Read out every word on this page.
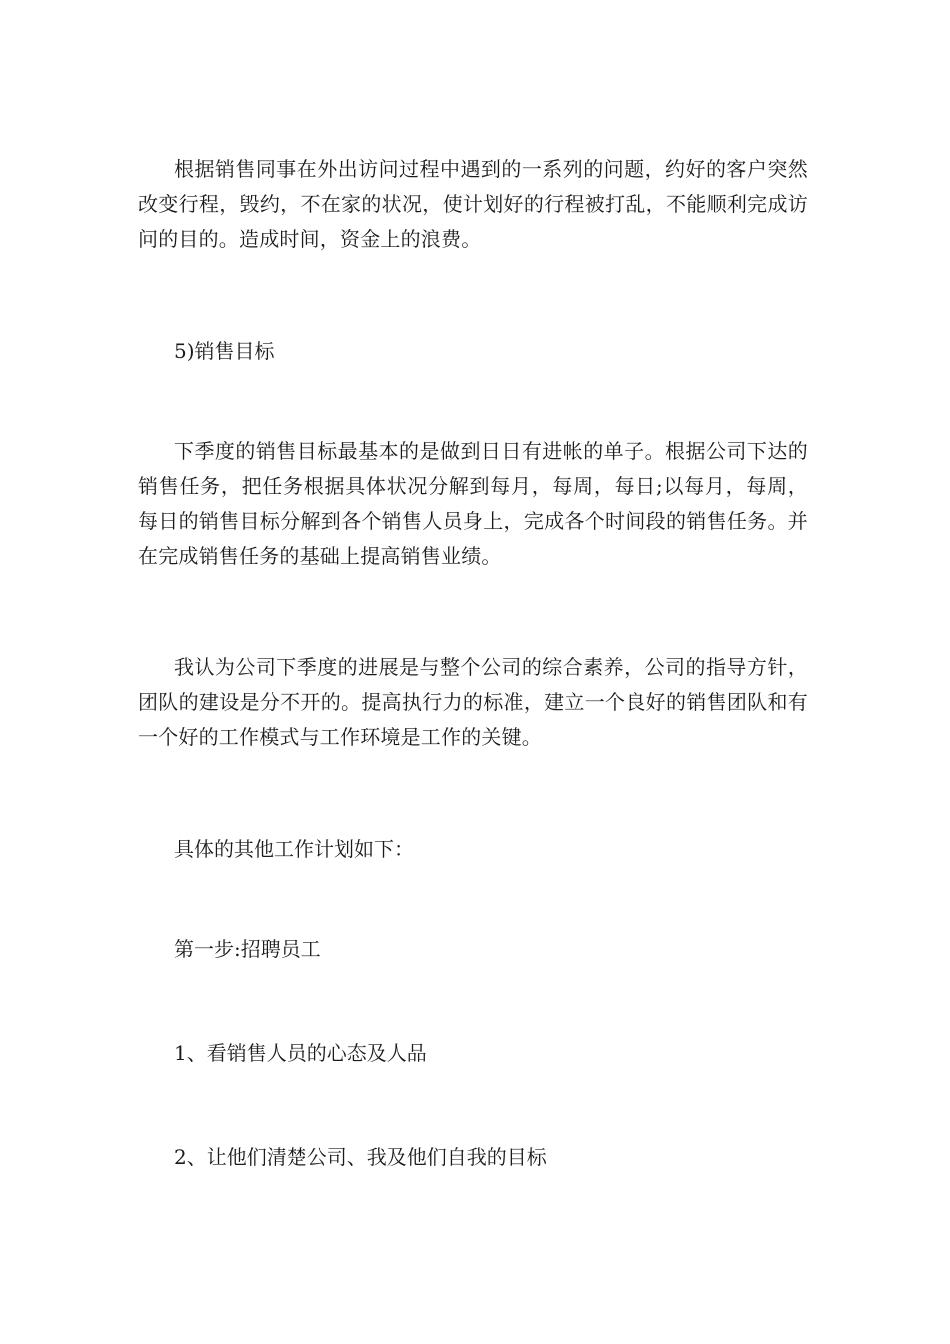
根据销售同事在外出访问过程中遇到的一系列的问题，约好的客户突然改变行程，毁约，不在家的状况，使计划好的行程被打乱，不能顺利完成访问的目的。造成时间，资金上的浪费。

5)销售目标

下季度的销售目标最基本的是做到日日有进帐的单子。根据公司下达的销售任务，把任务根据具体状况分解到每月，每周，每日;以每月，每周，每日的销售目标分解到各个销售人员身上，完成各个时间段的销售任务。并在完成销售任务的基础上提高销售业绩。

我认为公司下季度的进展是与整个公司的综合素养，公司的指导方针，团队的建设是分不开的。提高执行力的标准，建立一个良好的销售团队和有一个好的工作模式与工作环境是工作的关键。

具体的其他工作计划如下：

第一步:招聘员工

1、看销售人员的心态及人品

2、让他们清楚公司、我及他们自我的目标
